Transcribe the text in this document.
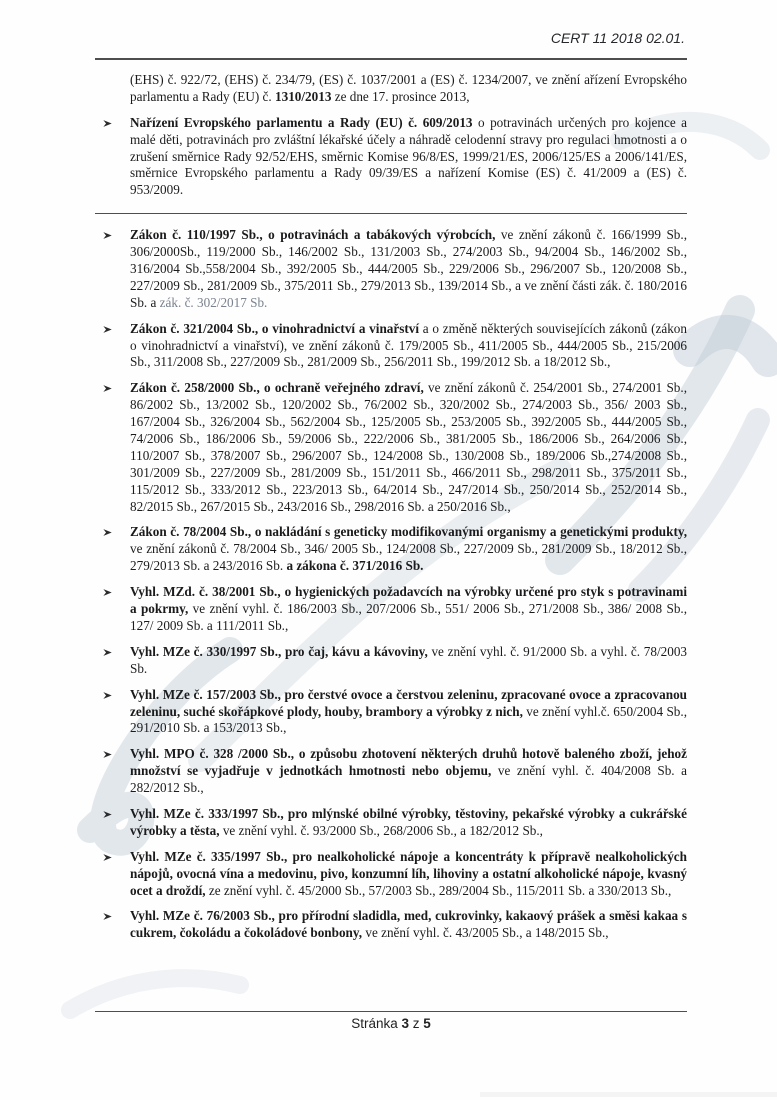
CERT 11 2018 02.01.

(EHS) č. 922/72, (EHS) č. 234/79, (ES) č. 1037/2001 a (ES) č. 1234/2007, ve znění ařízení Evropského parlamentu a Rady (EU) č. 1310/2013 ze dne 17. prosince 2013,

Nařízení Evropského parlamentu a Rady (EU) č. 609/2013 o potravinách určených pro kojence a malé děti, potravinách pro zvláštní lékařské účely a náhradě celodenní stravy pro regulaci hmotnosti a o zrušení směrnice Rady 92/52/EHS, směrnic Komise 96/8/ES, 1999/21/ES, 2006/125/ES a 2006/141/ES, směrnice Evropského parlamentu a Rady 09/39/ES a nařízení Komise (ES) č. 41/2009 a (ES) č. 953/2009.
Zákon č. 110/1997 Sb., o potravinách a tabákových výrobcích, ve znění zákonů č. 166/1999 Sb., 306/2000Sb., 119/2000 Sb., 146/2002 Sb., 131/2003 Sb., 274/2003 Sb., 94/2004 Sb., 146/2002 Sb., 316/2004 Sb.,558/2004 Sb., 392/2005 Sb., 444/2005 Sb., 229/2006 Sb., 296/2007 Sb., 120/2008 Sb., 227/2009 Sb., 281/2009 Sb., 375/2011 Sb., 279/2013 Sb., 139/2014 Sb., a ve znění části zák. č. 180/2016 Sb. a zák. č. 302/2017 Sb.
Zákon č. 321/2004 Sb., o vinohradnictví a vinařství a o změně některých souvisejících zákonů (zákon o vinohradnictví a vinařství), ve znění zákonů č. 179/2005 Sb., 411/2005 Sb., 444/2005 Sb., 215/2006 Sb., 311/2008 Sb., 227/2009 Sb., 281/2009 Sb., 256/2011 Sb., 199/2012 Sb. a 18/2012 Sb.,
Zákon č. 258/2000 Sb., o ochraně veřejného zdraví, ve znění zákonů č. 254/2001 Sb., 274/2001 Sb., 86/2002 Sb., 13/2002 Sb., 120/2002 Sb., 76/2002 Sb., 320/2002 Sb., 274/2003 Sb., 356/ 2003 Sb., 167/2004 Sb., 326/2004 Sb., 562/2004 Sb., 125/2005 Sb., 253/2005 Sb., 392/2005 Sb., 444/2005 Sb., 74/2006 Sb., 186/2006 Sb., 59/2006 Sb., 222/2006 Sb., 381/2005 Sb., 186/2006 Sb., 264/2006 Sb., 110/2007 Sb., 378/2007 Sb., 296/2007 Sb., 124/2008 Sb., 130/2008 Sb., 189/2006 Sb.,274/2008 Sb., 301/2009 Sb., 227/2009 Sb., 281/2009 Sb., 151/2011 Sb., 466/2011 Sb., 298/2011 Sb., 375/2011 Sb., 115/2012 Sb., 333/2012 Sb., 223/2013 Sb., 64/2014 Sb., 247/2014 Sb., 250/2014 Sb., 252/2014 Sb., 82/2015 Sb., 267/2015 Sb., 243/2016 Sb., 298/2016 Sb. a 250/2016 Sb.,
Zákon č. 78/2004 Sb., o nakládání s geneticky modifikovanými organismy a genetickými produkty, ve znění zákonů č. 78/2004 Sb., 346/ 2005 Sb., 124/2008 Sb., 227/2009 Sb., 281/2009 Sb., 18/2012 Sb., 279/2013 Sb. a 243/2016 Sb. a zákona č. 371/2016 Sb.
Vyhl. MZd. č. 38/2001 Sb., o hygienických požadavcích na výrobky určené pro styk s potravinami a pokrmy, ve znění vyhl. č. 186/2003 Sb., 207/2006 Sb., 551/ 2006 Sb., 271/2008 Sb., 386/ 2008 Sb., 127/ 2009 Sb. a 111/2011 Sb.,
Vyhl. MZe č. 330/1997 Sb., pro čaj, kávu a kávoviny, ve znění vyhl. č. 91/2000 Sb. a vyhl. č. 78/2003 Sb.
Vyhl. MZe č. 157/2003 Sb., pro čerstvé ovoce a čerstvou zeleninu, zpracované ovoce a zpracovanou zeleninu, suché skořápkové plody, houby, brambory a výrobky z nich, ve znění vyhl.č. 650/2004 Sb., 291/2010 Sb. a 153/2013 Sb.,
Vyhl. MPO č. 328 /2000 Sb., o způsobu zhotovení některých druhů hotově baleného zboží, jehož množství se vyjadřuje v jednotkách hmotnosti nebo objemu, ve znění vyhl. č. 404/2008 Sb. a 282/2012 Sb.,
Vyhl. MZe č. 333/1997 Sb., pro mlýnské obilné výrobky, těstoviny, pekařské výrobky a cukrářské výrobky a těsta, ve znění vyhl. č. 93/2000 Sb., 268/2006 Sb., a 182/2012 Sb.,
Vyhl. MZe č. 335/1997 Sb., pro nealkoholické nápoje a koncentráty k přípravě nealkoholických nápojů, ovocná vína a medovinu, pivo, konzumní líh, lihoviny a ostatní alkoholické nápoje, kvasný ocet a droždí, ze znění vyhl. č. 45/2000 Sb., 57/2003 Sb., 289/2004 Sb., 115/2011 Sb. a 330/2013 Sb.,
Vyhl. MZe č. 76/2003 Sb., pro přírodní sladidla, med, cukrovinky, kakaový prášek a směsi kakaa s cukrem, čokoládu a čokoládové bonbony, ve znění vyhl. č. 43/2005 Sb., a 148/2015 Sb.,
Stránka 3 z 5
